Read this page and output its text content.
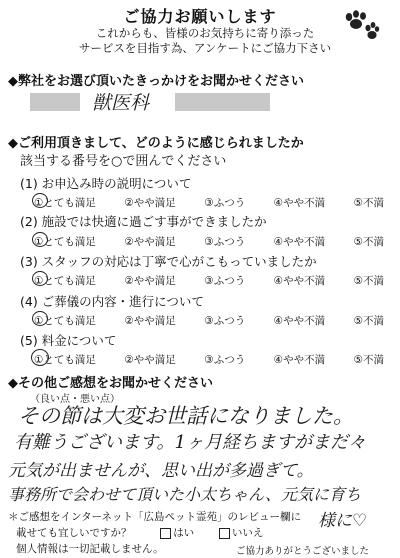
ご協力お願いします
これからも、皆様のお気持ちに寄り添った
サービスを目指す為、アンケートにご協力下さい
◆弊社をお選び頂いたきっかけをお聞かせください
獣医科
◆ご利用頂きまして、どのように感じられましたか
該当する番号を○で囲んでください
(1) お申込み時の説明について
①とても満足	②やや満足	③ふつう	④やや不満	⑤不満
(2) 施設では快適に過ごす事ができましたか
①とても満足	②やや満足	③ふつう	④やや不満	⑤不満
(3) スタッフの対応は丁寧で心がこもっていましたか
①とても満足	②やや満足	③ふつう	④やや不満	⑤不満
(4) ご葬儀の内容・進行について
①とても満足	②やや満足	③ふつう	④やや不満	⑤不満
(5) 料金について
①とても満足	②やや満足	③ふつう	④やや不満	⑤不満
◆その他ご感想をお聞かせください
（良い点・悪い点）
その節は大変お世話になりました。
有難うございます。1ヶ月経ちますがまだ々
元気が出ませんが、思い出が多過ぎて。
事務所で会わせて頂いた小太ちゃん、元気に育ち
＊ご感想をインターネット「広島ペット霊苑」のレビュー欄に 様に♡
載せても宜しいですか？	はい	いいえ
個人情報は一切記載しません。	ご協力ありがとうございました
